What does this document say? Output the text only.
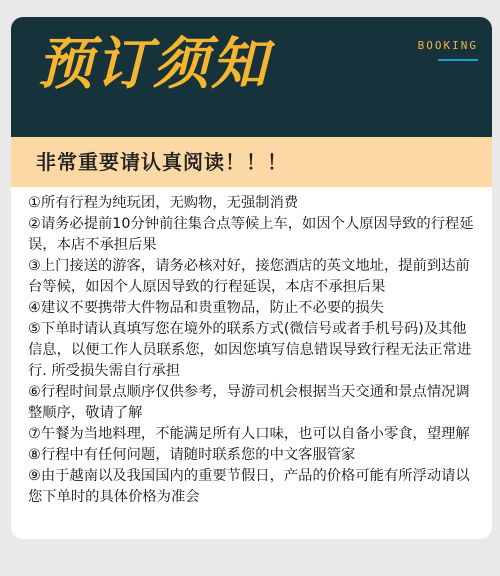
预订须知	BOOKING
非常重要请认真阅读！！！
①所有行程为纯玩团，无购物，无强制消费
②请务必提前10分钟前往集合点等候上车，如因个人原因导致的行程延误，本店不承担后果
③上门接送的游客，请务必核对好，接您酒店的英文地址，提前到达前台等候，如因个人原因导致的行程延误，本店不承担后果
④建议不要携带大件物品和贵重物品，防止不必要的损失
⑤下单时请认真填写您在境外的联系方式(微信号或者手机号码)及其他信息，以便工作人员联系您，如因您填写信息错误导致行程无法正常进行. 所受损失需自行承担
⑥行程时间景点顺序仅供参考，导游司机会根据当天交通和景点情况调整顺序，敬请了解
⑦午餐为当地料理，不能满足所有人口味，也可以自备小零食，望理解
⑧行程中有任何问题，请随时联系您的中文客服管家
⑨由于越南以及我国国内的重要节假日，产品的价格可能有所浮动请以您下单时的具体价格为准会
